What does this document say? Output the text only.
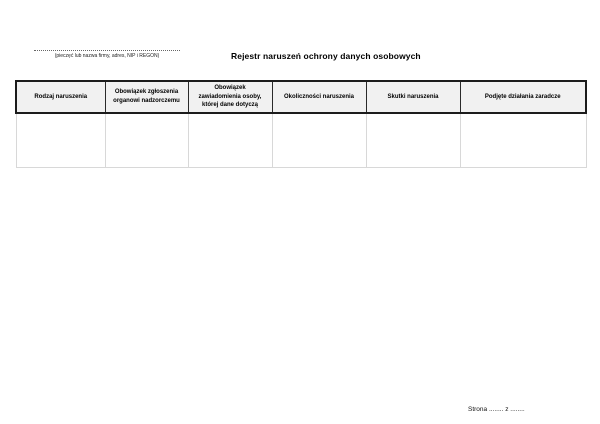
(pieczęć lub nazwa firmy, adres, NIP i REGON)	Rejestr naruszeń ochrony danych osobowych
Rodzaj naruszenia	Obowiązek zgłoszenia organowi nadzorczemu	Obowiązek zawiadomienia osoby, której dane dotyczą	Okoliczności naruszenia	Skutki naruszenia	Podjęte działania zaradcze

Strona ........ z ........
